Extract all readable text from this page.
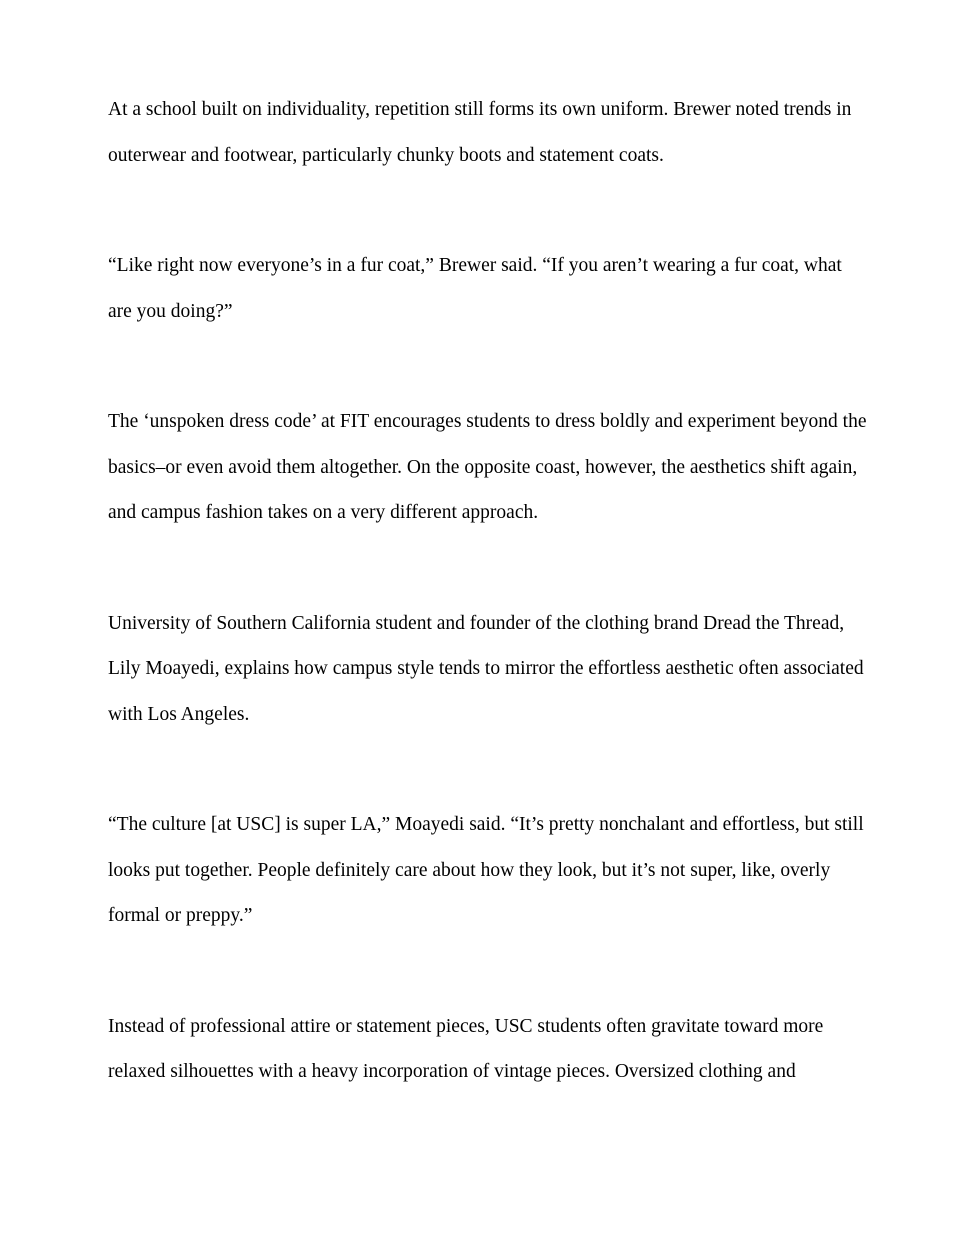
At a school built on individuality, repetition still forms its own uniform. Brewer noted trends in
outerwear and footwear, particularly chunky boots and statement coats.

“Like right now everyone’s in a fur coat,” Brewer said. “If you aren’t wearing a fur coat, what
are you doing?”

The ‘unspoken dress code’ at FIT encourages students to dress boldly and experiment beyond the
basics–or even avoid them altogether. On the opposite coast, however, the aesthetics shift again,
and campus fashion takes on a very different approach.

University of Southern California student and founder of the clothing brand Dread the Thread,
Lily Moayedi, explains how campus style tends to mirror the effortless aesthetic often associated
with Los Angeles.

“The culture [at USC] is super LA,” Moayedi said. “It’s pretty nonchalant and effortless, but still
looks put together. People definitely care about how they look, but it’s not super, like, overly
formal or preppy.”

Instead of professional attire or statement pieces, USC students often gravitate toward more
relaxed silhouettes with a heavy incorporation of vintage pieces. Oversized clothing and
